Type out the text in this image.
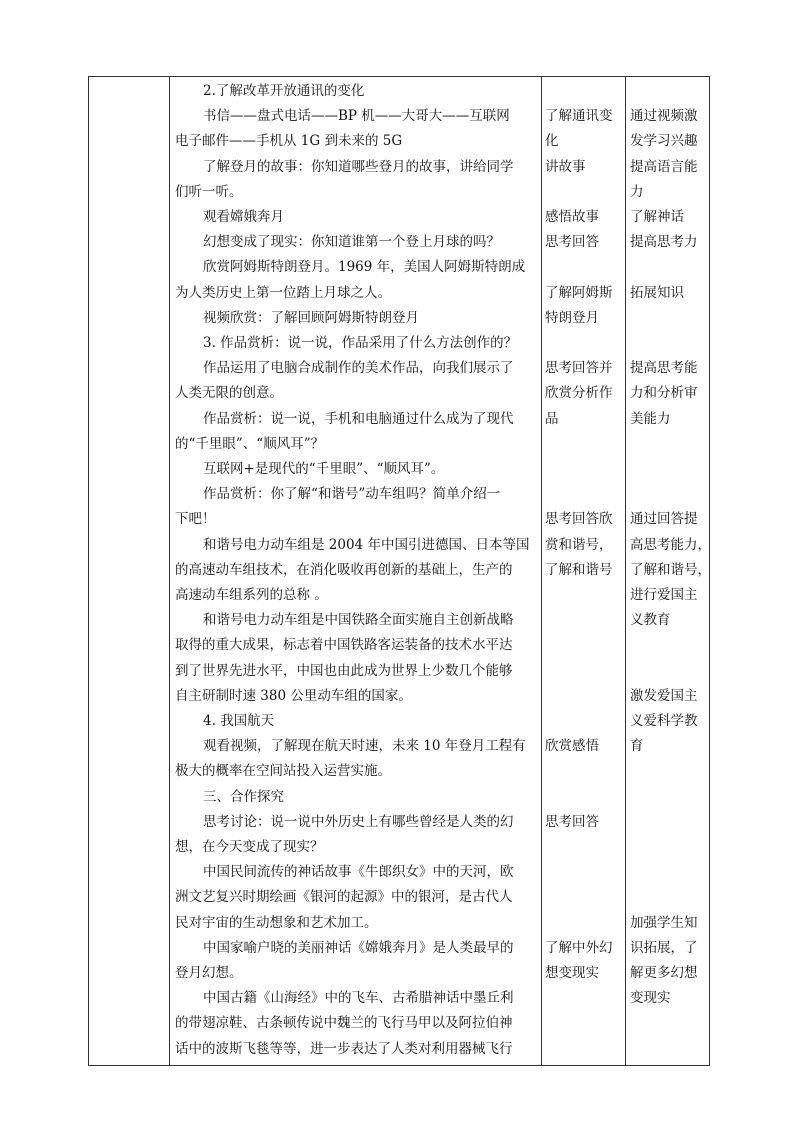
2.了解改革开放通讯的变化
书信——盘式电话——BP 机——大哥大——互联网
电子邮件——手机从 1G 到未来的 5G
了解登月的故事：你知道哪些登月的故事，讲给同学
们听一听。
观看嫦娥奔月
幻想变成了现实：你知道谁第一个登上月球的吗？
欣赏阿姆斯特朗登月。1969 年，美国人阿姆斯特朗成
为人类历史上第一位踏上月球之人。
视频欣赏：了解回顾阿姆斯特朗登月
3. 作品赏析：说一说，作品采用了什么方法创作的？
作品运用了电脑合成制作的美术作品，向我们展示了
人类无限的创意。
作品赏析：说一说，手机和电脑通过什么成为了现代
的“千里眼”、“顺风耳”？
互联网+是现代的“千里眼”、“顺风耳”。
作品赏析：你了解“和谐号”动车组吗？简单介绍一
下吧！
和谐号电力动车组是 2004 年中国引进德国、日本等国
的高速动车组技术，在消化吸收再创新的基础上，生产的
高速动车组系列的总称 。
和谐号电力动车组是中国铁路全面实施自主创新战略
取得的重大成果，标志着中国铁路客运装备的技术水平达
到了世界先进水平，中国也由此成为世界上少数几个能够
自主研制时速 380 公里动车组的国家。
4. 我国航天
观看视频，了解现在航天时速，未来 10 年登月工程有
极大的概率在空间站投入运营实施。
三、合作探究
思考讨论：说一说中外历史上有哪些曾经是人类的幻
想，在今天变成了现实？
中国民间流传的神话故事《牛郎织女》中的天河，欧
洲文艺复兴时期绘画《银河的起源》中的银河，是古代人
民对宇宙的生动想象和艺术加工。
中国家喻户晓的美丽神话《嫦娥奔月》是人类最早的
登月幻想。
中国古籍《山海经》中的飞车、古希腊神话中墨丘利
的带翅凉鞋、古条顿传说中魏兰的飞行马甲以及阿拉伯神
话中的波斯飞毯等等，进一步表达了人类对利用器械飞行
了解通讯变
化
讲故事
感悟故事
思考回答
了解阿姆斯
特朗登月
思考回答并
欣赏分析作
品
思考回答欣
赏和谐号，
了解和谐号
欣赏感悟
思考回答
了解中外幻
想变现实
通过视频激
发学习兴趣
提高语言能
力
了解神话
提高思考力
拓展知识
提高思考能
力和分析审
美能力
通过回答提
高思考能力，
了解和谐号，
进行爱国主
义教育
激发爱国主
义爱科学教
育
加强学生知
识拓展，了
解更多幻想
变现实
